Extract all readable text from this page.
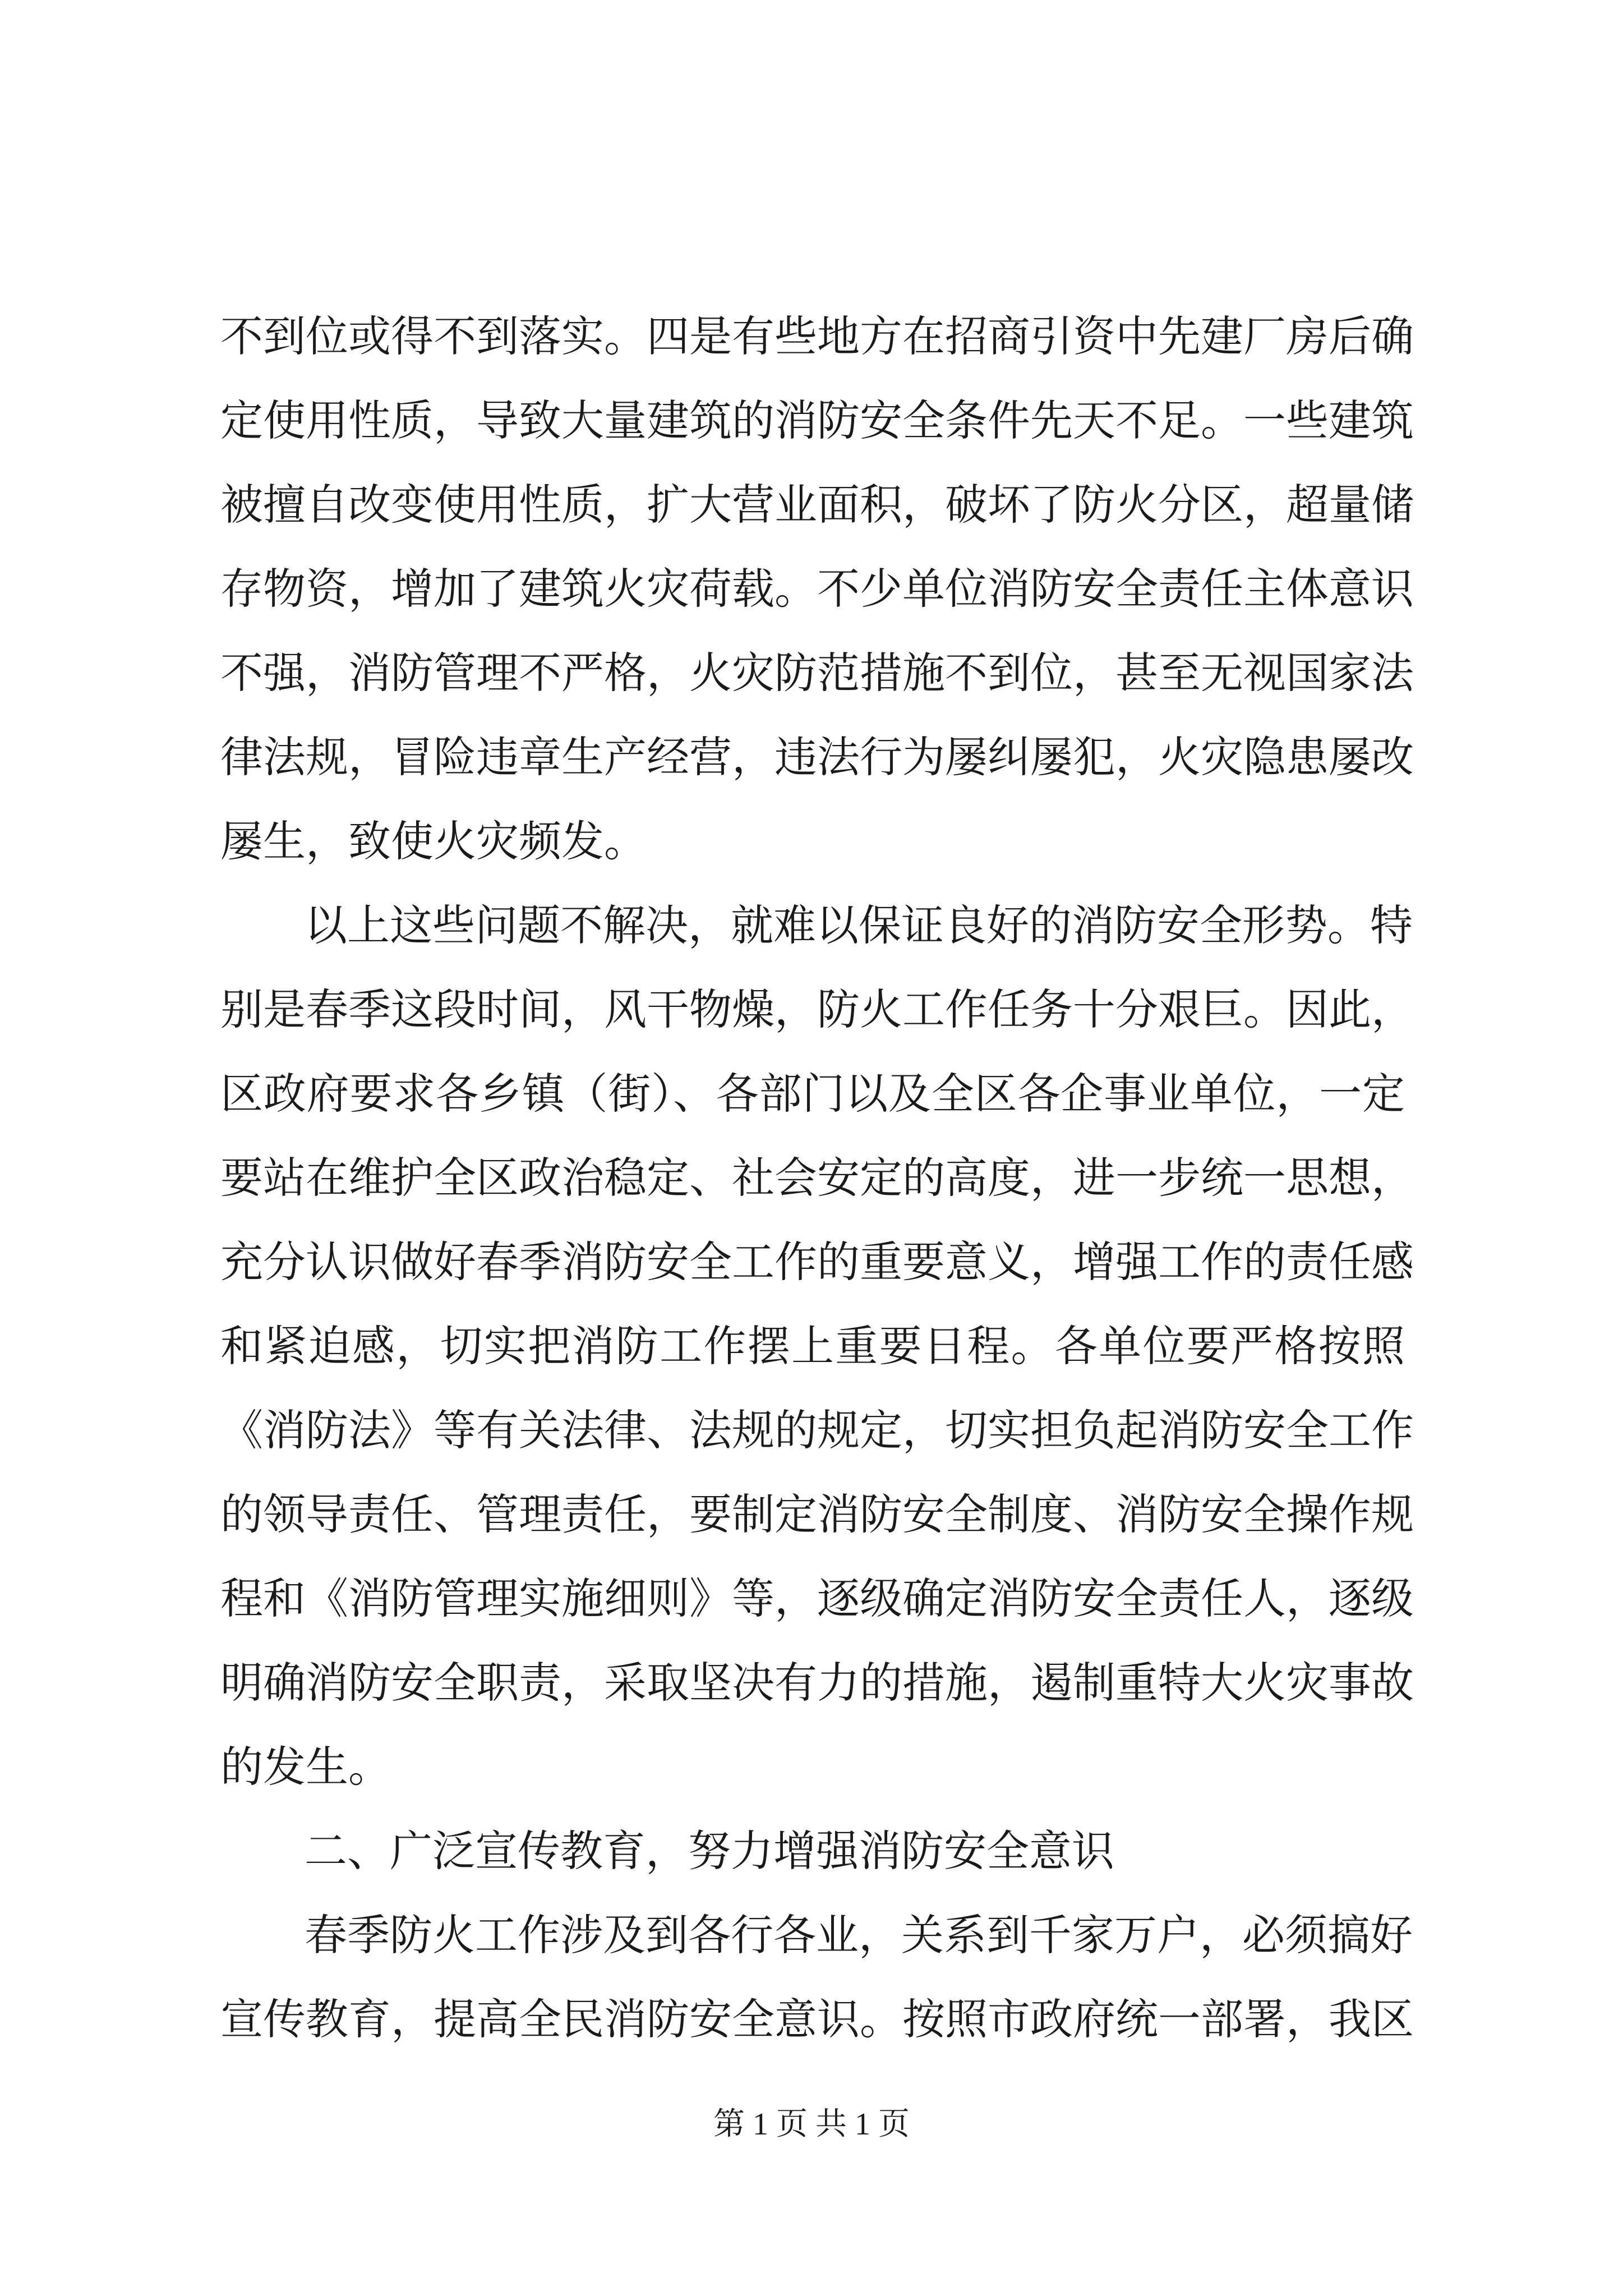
不到位或得不到落实。四是有些地方在招商引资中先建厂房后确
定使用性质，导致大量建筑的消防安全条件先天不足。一些建筑
被擅自改变使用性质，扩大营业面积，破坏了防火分区，超量储
存物资，增加了建筑火灾荷载。不少单位消防安全责任主体意识
不强，消防管理不严格，火灾防范措施不到位，甚至无视国家法
律法规，冒险违章生产经营，违法行为屡纠屡犯，火灾隐患屡改
屡生，致使火灾频发。
以上这些问题不解决，就难以保证良好的消防安全形势。特
别是春季这段时间，风干物燥，防火工作任务十分艰巨。因此，
区政府要求各乡镇（街）、各部门以及全区各企事业单位，一定
要站在维护全区政治稳定、社会安定的高度，进一步统一思想，
充分认识做好春季消防安全工作的重要意义，增强工作的责任感
和紧迫感，切实把消防工作摆上重要日程。各单位要严格按照
《消防法》等有关法律、法规的规定，切实担负起消防安全工作
的领导责任、管理责任，要制定消防安全制度、消防安全操作规
程和《消防管理实施细则》等，逐级确定消防安全责任人，逐级
明确消防安全职责，采取坚决有力的措施，遏制重特大火灾事故
的发生。
二、广泛宣传教育，努力增强消防安全意识
春季防火工作涉及到各行各业，关系到千家万户，必须搞好
宣传教育，提高全民消防安全意识。按照市政府统一部署，我区
第 1 页 共 1 页
